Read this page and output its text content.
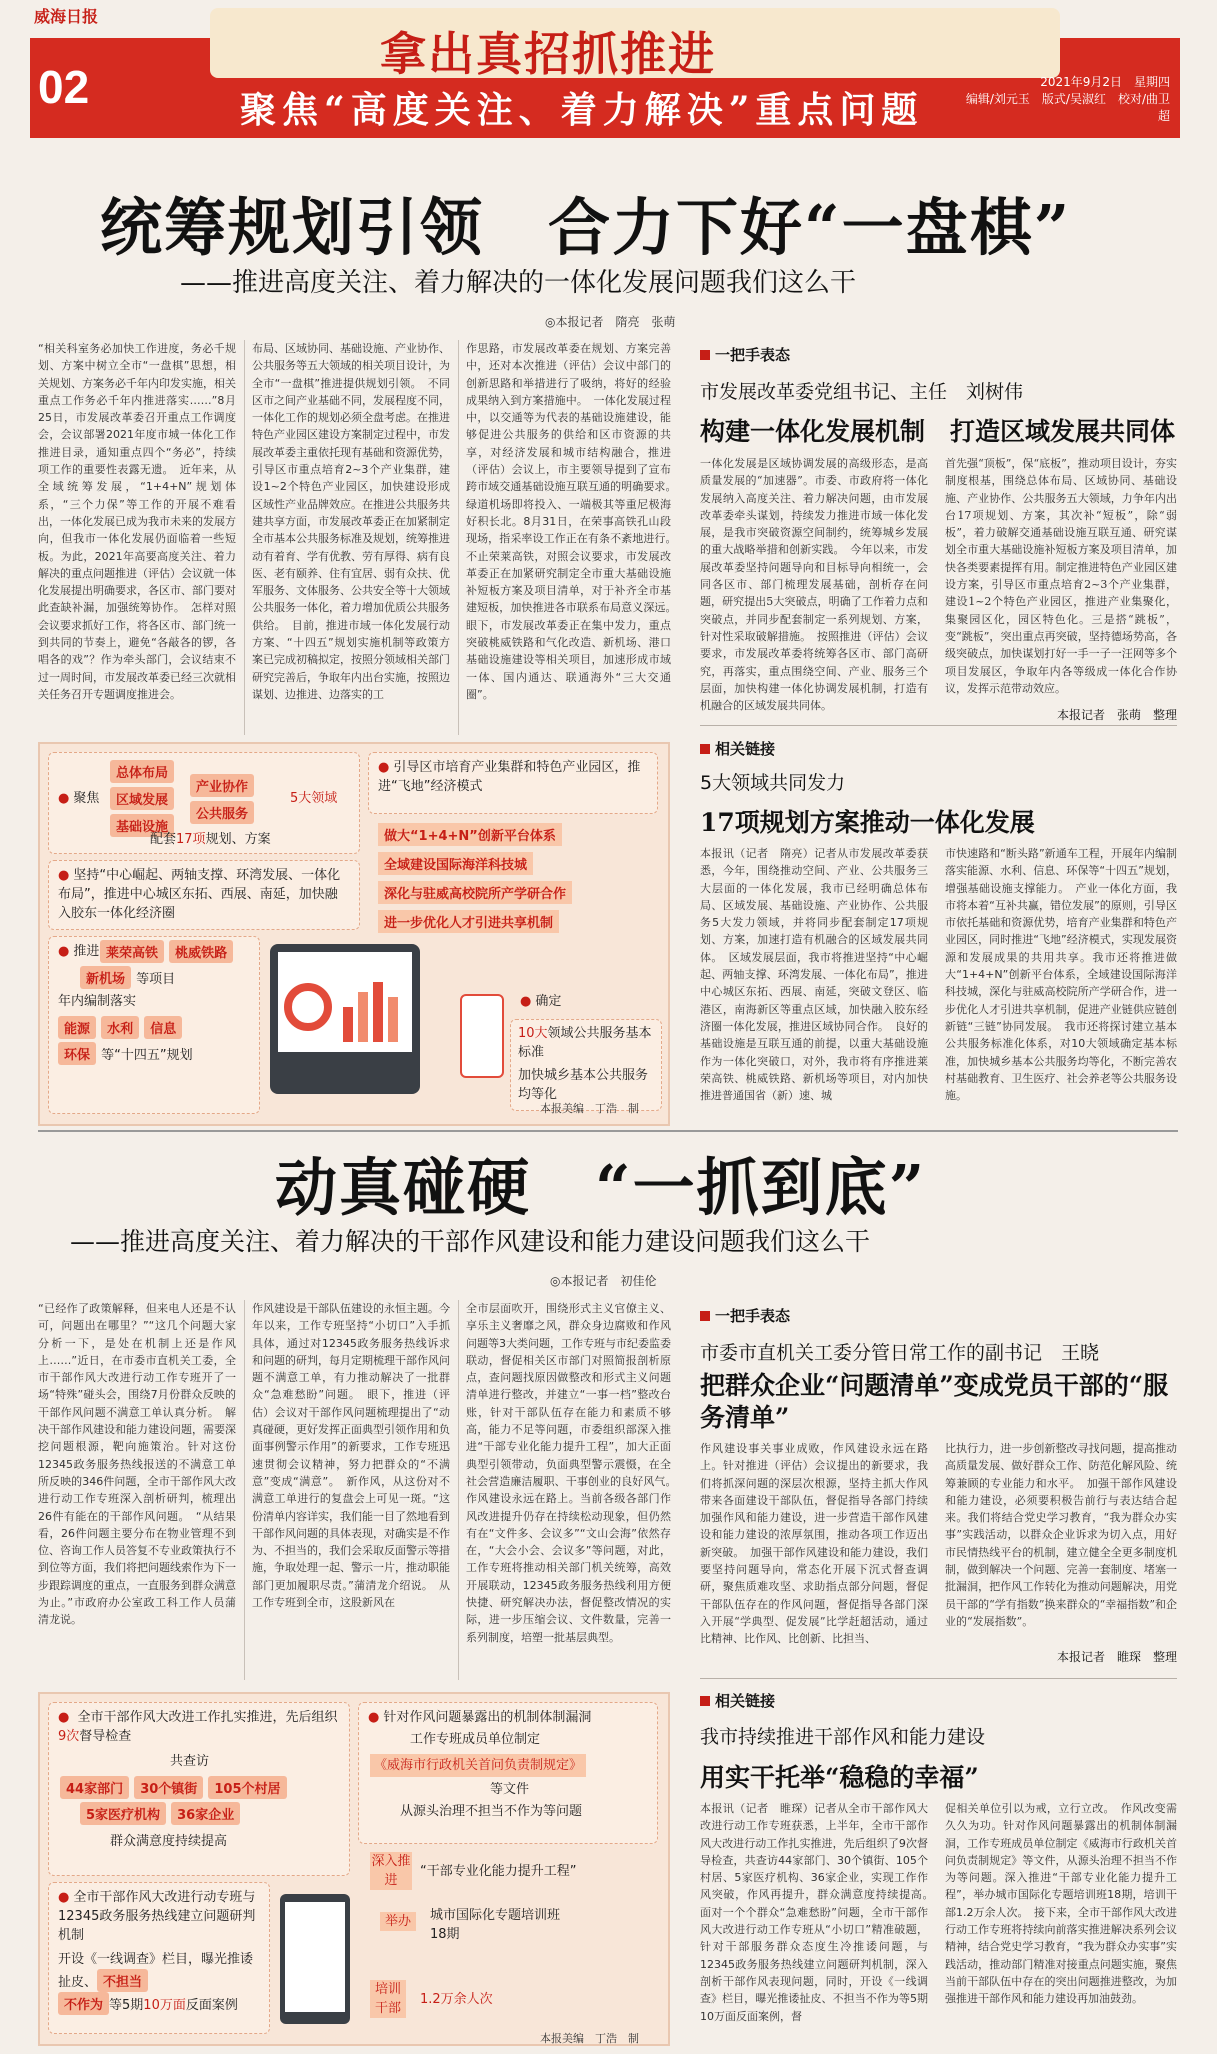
威海日报
02
拿出真招抓推进
聚焦“高度关注、着力解决”重点问题
2021年9月2日　星期四
编辑/刘元玉　版式/吴淑红　校对/曲卫超
统筹规划引领　合力下好“一盘棋”
——推进高度关注、着力解决的一体化发展问题我们这么干
◎本报记者　隋亮　张萌
“相关科室务必加快工作进度，务必千规划、方案中树立全市“一盘棋”思想，相关规划、方案务必千年内印发实施，相关重点工作务必千年内推进落实……”8月25日，市发展改革委召开重点工作调度会，会议部署2021年度市城一体化工作推进目录，通知重点四个“务必”，持续项工作的重要性表露无遗。　近年来，从全域统筹发展，“1+4+N”规划体系，“三个力保”等工作的开展不难看出，一体化发展已成为我市未来的发展方向，但我市一体化发展仍面临着一些短板。为此，2021年高要高度关注、着力解决的重点问题推进（评估）会议就一体化发展提出明确要求，各区市、部门要对此查缺补漏，加强统筹协作。　怎样对照会议要求抓好工作，将各区市、部门统一到共同的节奏上，避免“各敲各的锣，各唱各的戏”？作为牵头部门，会议结束不过一周时间，市发展改革委已经三次就相关任务召开专题调度推进会。
布局、区域协同、基础设施、产业协作、公共服务等五大领域的相关项目设计，为全市“一盘棋”推进提供规划引领。　不同区市之间产业基础不同，发展程度不同，一体化工作的规划必须全盘考虑。在推进特色产业园区建设方案制定过程中，市发展改革委主重依托现有基础和资源优势，引导区市重点培育2~3个产业集群，建设1~2个特色产业园区，加快建设形成区域性产业品牌效应。在推进公共服务共建共享方面，市发展改革委正在加紧制定全市基本公共服务标准及规划，统筹推进动有着育、学有优教、劳有厚得、病有良医、老有颐养、住有宜居、弱有众扶、优军服务、文体服务、公共安全等十大领域公共服务一体化，着力增加优质公共服务供给。　目前，推进市域一体化发展行动方案、“十四五”规划实施机制等政策方案已完成初稿拟定，按照分领域相关部门研究完善后，争取年内出台实施，按照边谋划、边推进、边落实的工
作思路，市发展改革委在规划、方案完善中，还对本次推进（评估）会议中部门的创新思路和举措进行了吸纳，将好的经验成果纳入到方案措施中。　一体化发展过程中，以交通等为代表的基础设施建设，能够促进公共服务的供给和区市资源的共享，对经济发展和城市结构融合，推进（评估）会议上，市主要领导提到了宣布跨市域交通基础设施互联互通的明确要求。　绿道机场即将投入、一端极其等重尼极海好积长北。8月31日，在荣事高铁孔山段现场，指采率设工作正在有条不紊地进行。　不止荣莱高铁，对照会议要求，市发展改革委正在加紧研究制定全市重大基础设施补短板方案及项目清单，对于补齐全市基建短板，加快推进各市联系布局意义深远。　眼下，市发展改革委正在集中发力，重点突破桃威铁路和气化改造、新机场、港口基础设施建设等相关项目，加速形成市域一体、国内通达、联通海外“三大交通圈”。
● 聚焦
总体布局
区域发展
基础设施
产业协作
公共服务
5大领域
配套17项规划、方案
● 引导区市培育产业集群和特色产业园区，推进“飞地”经济模式
● 坚持“中心崛起、两轴支撑、环湾发展、一体化布局”，推进中心城区东拓、西展、南延，加快融入胶东一体化经济圈
做大“1+4+N”创新平台体系
全域建设国际海洋科技城
深化与驻威高校院所产学研合作
进一步优化人才引进共享机制
● 推进 莱荣高铁 桃威铁路
新机场 等项目
年内编制落实
能源 水利 信息
环保 等“十四五”规划
● 确定
10大领域公共服务基本标准
加快城乡基本公共服务均等化
本报美编　丁浩　制
一把手表态
市发展改革委党组书记、主任　刘树伟
构建一体化发展机制　打造区域发展共同体
一体化发展是区域协调发展的高级形态，是高质量发展的“加速器”。市委、市政府将一体化发展纳入高度关注、着力解决问题，由市发展改革委牵头谋划，持续发力推进市域一体化发展，是我市突破资源空间制约，统筹城乡发展的重大战略举措和创新实践。　今年以来，市发展改革委坚持问题导向和目标导向相统一，会同各区市、部门梳理发展基础，剖析存在问题，研究提出5大突破点，明确了工作着力点和突破点，并同步配套制定一系列规划、方案，针对性采取破解措施。　按照推进（评估）会议要求，市发展改革委将统筹各区市、部门高研究，再落实，重点围绕空间、产业、服务三个层面，加快构建一体化协调发展机制，打造有机融合的区域发展共同体。
首先强“顶板”，保“底板”，推动项目设计，夯实制度根基，围绕总体布局、区域协同、基础设施、产业协作、公共服务五大领域，力争年内出台17项规划、方案，其次补“短板”，除“弱板”，着力破解交通基础设施互联互通、研究谋划全市重大基础设施补短板方案及项目清单，加快各类要素提挥有用。制定推进特色产业园区建设方案，引导区市重点培育2~3个产业集群，建设1~2个特色产业园区，推进产业集聚化，集聚园区化，园区特色化。三是搭“跳板”，变“跳板”，突出重点再突破，坚持德场势高，各级突破点，加快谋划打好一手一子一汪网等多个项目发展区，争取年内各等级成一体化合作协议，发挥示范带动效应。
本报记者　张萌　整理
相关链接
5大领域共同发力
17项规划方案推动一体化发展
本报讯（记者　隋亮）记者从市发展改革委获悉，今年，围绕推动空间、产业、公共服务三大层面的一体化发展，我市已经明确总体布局、区域发展、基础设施、产业协作、公共服务5大发力领域，并将同步配套制定17项规划、方案，加速打造有机融合的区域发展共同体。　区域发展层面，我市将推进坚持“中心崛起、两轴支撑、环湾发展、一体化布局”，推进中心城区东拓、西展、南延，突破文登区、临港区，南海新区等重点区域，加快融入胶东经济圈一体化发展，推进区域协同合作。　良好的基础设施是互联互通的前提，以重大基础设施作为一体化突破口，对外，我市将有序推进莱荣高铁、桃威铁路、新机场等项目，对内加快推进普通国省（新）速、城
市快速路和“断头路”新通车工程，开展年内编制落实能源、水利、信息、环保等“十四五”规划，增强基础设施支撑能力。　产业一体化方面，我市将本着“互补共赢，错位发展”的原则，引导区市依托基础和资源优势，培育产业集群和特色产业园区，同时推进“飞地”经济模式，实现发展资源和发展成果的共用共享。我市还将推进做大“1+4+N”创新平台体系，全域建设国际海洋科技城，深化与驻威高校院所产学研合作，进一步优化人才引进共享机制，促进产业链供应链创新链“三链”协同发展。　我市还将探讨建立基本公共服务标准化体系，对10大领域确定基本标准，加快城乡基本公共服务均等化，不断完善农村基础教育、卫生医疗、社会养老等公共服务设施。
动真碰硬　“一抓到底”
——推进高度关注、着力解决的干部作风建设和能力建设问题我们这么干
◎本报记者　初佳伦
“已经作了政策解释，但来电人还是不认可，问题出在哪里？”“这几个问题大家分析一下，是处在机制上还是作风上……”近日，在市委市直机关工委，全市干部作风大改进行动工作专班开了一场“特殊”碰头会，围绕7月份群众反映的干部作风问题不满意工单认真分析。　解决干部作风建设和能力建设问题，需要深挖问题根源，靶向施策治。针对这份12345政务服务热线报送的不满意工单所反映的346件问题，全市干部作风大改进行动工作专班深入剖析研判，梳理出26件有能在的干部作风问题。　“从结果看，26件问题主要分布在物业管理不到位、咨询工作人员答复不专业政策执行不到位等方面，我们将把问题线索作为下一步跟踪调度的重点，一直服务到群众满意为止。”市政府办公室政工科工作人员蒲清龙说。
作风建设是干部队伍建设的永恒主题。今年以来，工作专班坚持“小切口”入手抓具体，通过对12345政务服务热线诉求和问题的研判，每月定期梳理干部作风问题不满意工单，有力推动解决了一批群众“急难愁盼”问题。　眼下，推进（评估）会议对干部作风问题梳理提出了“动真碰硬，更好发挥正面典型引领作用和负面事例警示作用”的新要求，工作专班迅速贯彻会议精神，努力把群众的“不满意”变成“满意”。　新作风，从这份对不满意工单进行的复盘会上可见一斑。“这份清单内容详实，我们能一目了然地看到干部作风问题的具体表现，对确实是不作为、不担当的，我们会采取反面警示等措施，争取处理一起、警示一片，推动职能部门更加履职尽责。”蒲清龙介绍说。　从工作专班到全市，这股新风在
全市层面吹开，围绕形式主义官僚主义、享乐主义奢靡之风，群众身边腐败和作风问题等3大类问题，工作专班与市纪委监委联动，督促相关区市部门对照简报剖析原点，查问题找原因做整改和形式主义问题清单进行整改，并建立“一事一档”整改台账，针对干部队伍存在能力和素质不够高，能力不足等问题，市委组织部深入推进“干部专业化能力提升工程”，加大正面典型引领带动，负面典型警示震慑，在全社会营造廉洁履职、干事创业的良好风气。　作风建设永远在路上。当前各级各部门作风改进提升仍存在持续松动现象，但仍然有在“文件多、会议多”“文山会海”依然存在，“大会小会、会议多”等问题，对此，工作专班将推动相关部门机关统筹，高效开展联动，12345政务服务热线利用方便快捷、研究解决办法，督促整改情况的实际，进一步压缩会议、文件数量，完善一系列制度，培塑一批基层典型。
● 全市干部作风大改进工作扎实推进，先后组织9次督导检查
共查访
44家部门 30个镇街 105个村居
5家医疗机构 36家企业
群众满意度持续提高
● 针对作风问题暴露出的机制体制漏洞
工作专班成员单位制定
《威海市行政机关首问负责制规定》
等文件
从源头治理不担当不作为等问题
深入推进
“干部专业化能力提升工程”
● 全市干部作风大改进行动专班与12345政务服务热线建立问题研判机制
开设《一线调查》栏目，曝光推诿扯皮、 不担当
不作为 等5期10万面反面案例
举办	城市国际化专题培训班18期
培训干部
1.2万余人次
本报美编　丁浩　制
一把手表态
市委市直机关工委分管日常工作的副书记　王晓
把群众企业“问题清单”变成党员干部的“服务清单”
作风建设事关事业成败，作风建设永远在路上。针对推进（评估）会议提出的新要求，我们将抓深问题的深层次根源，坚持主抓大作风带来各面建设干部队伍，督促指导各部门持续加强作风和能力建设，进一步营造干部作风建设和能力建设的浓厚氛围，推动各项工作迈出新突破。　加强干部作风建设和能力建设，我们要坚持问题导向，常态化开展下沉式督查调研，聚焦质难攻坚、求助指点部分问题，督促干部队伍存在的作风问题，督促指导各部门深入开展“学典型、促发展”比学赶超活动，通过比精神、比作风、比创新、比担当、
比执行力，进一步创新整改寻找问题，提高推动高质量发展、做好群众工作、防范化解风险、统筹兼顾的专业能力和水平。　加强干部作风建设和能力建设，必须要积极告前行与表达结合起来。我们将结合党史学习教育，“我为群众办实事”实践活动，以群众企业诉求为切入点，用好市民情热线平台的机制，建立健全全更多制度机制，做到解决一个问题、完善一套制度、堵塞一批漏洞，把作风工作转化为推动问题解决，用党员干部的“学有指数”换来群众的“幸福指数”和企业的“发展指数”。
本报记者　睢琛　整理
相关链接
我市持续推进干部作风和能力建设
用实干托举“稳稳的幸福”
本报讯（记者　睢琛）记者从全市干部作风大改进行动工作专班获悉，上半年，全市干部作风大改进行动工作扎实推进，先后组织了9次督导检查，共查访44家部门、30个镇街、105个村居、5家医疗机构、36家企业，实现工作作风突破，作风再提升，群众满意度持续提高。　面对一个个群众“急难愁盼”问题，全市干部作风大改进行动工作专班从“小切口”精准破题，针对干部服务群众态度生冷推诿问题，与12345政务服务热线建立问题研判机制，深入剖析干部作风表现问题，同时，开设《一线调查》栏目，曝光推诿扯皮、不担当不作为等5期10万面反面案例，督
促相关单位引以为戒，立行立改。　作风改变需久久为功。针对作风问题暴露出的机制体制漏洞，工作专班成员单位制定《威海市行政机关首问负责制规定》等文件，从源头治理不担当不作为等问题。深入推进“干部专业化能力提升工程”，举办城市国际化专题培训班18期，培训干部1.2万余人次。　接下来，全市干部作风大改进行动工作专班将持续向前落实推进解决系列会议精神，结合党史学习教育，“我为群众办实事”实践活动，推动部门精准对接重点问题实施，聚焦当前干部队伍中存在的突出问题推进整改，为加强推进干部作风和能力建设再加油鼓劲。
